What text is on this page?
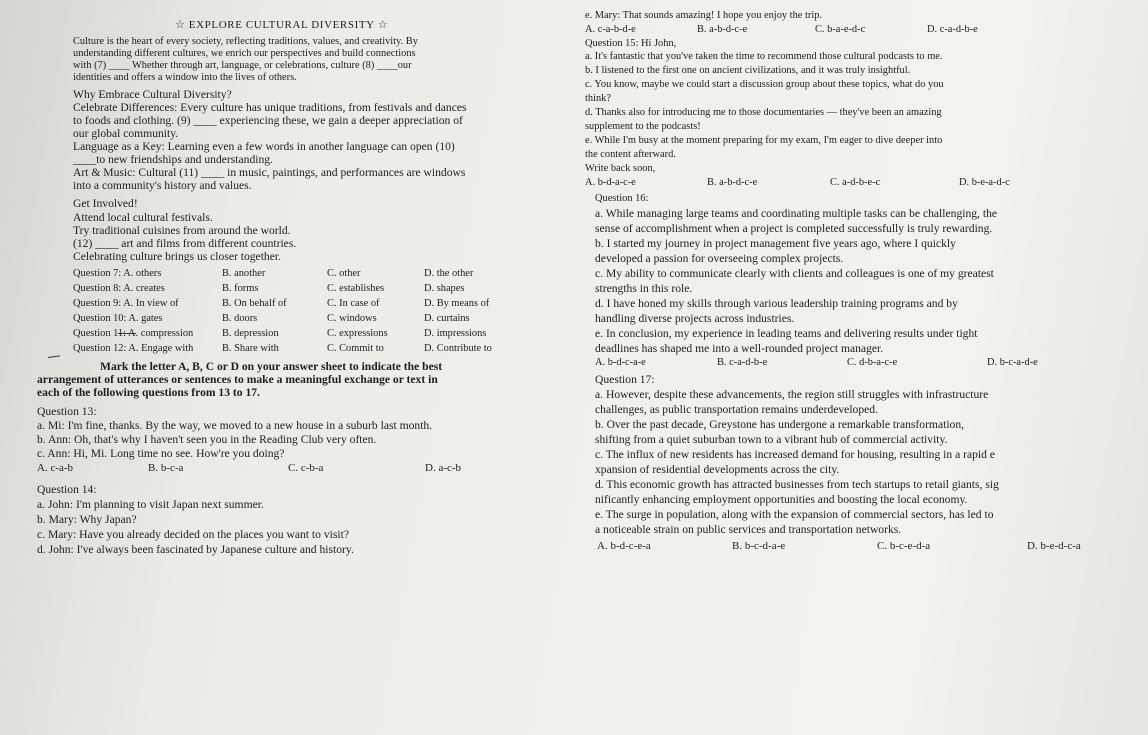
☆ EXPLORE CULTURAL DIVERSITY ☆
Culture is the heart of every society, reflecting traditions, values, and creativity. By
understanding different cultures, we enrich our perspectives and build connections
with (7) ____ Whether through art, language, or celebrations, culture (8) ____our
identities and offers a window into the lives of others.
Why Embrace Cultural Diversity?
Celebrate Differences: Every culture has unique traditions, from festivals and dances
to foods and clothing. (9) ____ experiencing these, we gain a deeper appreciation of
our global community.
Language as a Key: Learning even a few words in another language can open (10)
____to new friendships and understanding.
Art & Music: Cultural (11) ____ in music, paintings, and performances are windows
into a community's history and values.
Get Involved!
Attend local cultural festivals.
Try traditional cuisines from around the world.
(12) ____ art and films from different countries.
Celebrating culture brings us closer together.
Question 7: A. others	B. another	C. other	D. the other
Question 8: A. creates	B. forms	C. establishes	D. shapes
Question 9: A. In view of	B. On behalf of	C. In case of	D. By means of
Question 10: A. gates	B. doors	C. windows	D. curtains
Question 11: A. compression	B. depression	C. expressions	D. impressions
Question 12: A. Engage with	B. Share with	C. Commit to	D. Contribute to
Mark the letter A, B, C or D on your answer sheet to indicate the best
arrangement of utterances or sentences to make a meaningful exchange or text in
each of the following questions from 13 to 17.
Question 13:
a. Mi: I'm fine, thanks. By the way, we moved to a new house in a suburb last month.
b. Ann: Oh, that's why I haven't seen you in the Reading Club very often.
c. Ann: Hi, Mi. Long time no see. How're you doing?
A. c-a-b	B. b-c-a	C. c-b-a	D. a-c-b
Question 14:
a. John: I'm planning to visit Japan next summer.
b. Mary: Why Japan?
c. Mary: Have you already decided on the places you want to visit?
d. John: I've always been fascinated by Japanese culture and history.
e. Mary: That sounds amazing! I hope you enjoy the trip.
A. c-a-b-d-e	B. a-b-d-c-e	C. b-a-e-d-c	D. c-a-d-b-e
Question 15: Hi John,
a. It's fantastic that you've taken the time to recommend those cultural podcasts to me.
b. I listened to the first one on ancient civilizations, and it was truly insightful.
c. You know, maybe we could start a discussion group about these topics, what do you
think?
d. Thanks also for introducing me to those documentaries — they've been an amazing
supplement to the podcasts!
e. While I'm busy at the moment preparing for my exam, I'm eager to dive deeper into
the content afterward.
Write back soon,
A. b-d-a-c-e	B. a-b-d-c-e	C. a-d-b-e-c	D. b-e-a-d-c
Question 16:
a. While managing large teams and coordinating multiple tasks can be challenging, the
sense of accomplishment when a project is completed successfully is truly rewarding.
b. I started my journey in project management five years ago, where I quickly
developed a passion for overseeing complex projects.
c. My ability to communicate clearly with clients and colleagues is one of my greatest
strengths in this role.
d. I have honed my skills through various leadership training programs and by
handling diverse projects across industries.
e. In conclusion, my experience in leading teams and delivering results under tight
deadlines has shaped me into a well-rounded project manager.
A. b-d-c-a-e	B. c-a-d-b-e	C. d-b-a-c-e	D. b-c-a-d-e
Question 17:
a. However, despite these advancements, the region still struggles with infrastructure
challenges, as public transportation remains underdeveloped.
b. Over the past decade, Greystone has undergone a remarkable transformation,
shifting from a quiet suburban town to a vibrant hub of commercial activity.
c. The influx of new residents has increased demand for housing, resulting in a rapid e
xpansion of residential developments across the city.
d. This economic growth has attracted businesses from tech startups to retail giants, sig
nificantly enhancing employment opportunities and boosting the local economy.
e. The surge in population, along with the expansion of commercial sectors, has led to
a noticeable strain on public services and transportation networks.
A. b-d-c-e-a	B. b-c-d-a-e	C. b-c-e-d-a	D. b-e-d-c-a
